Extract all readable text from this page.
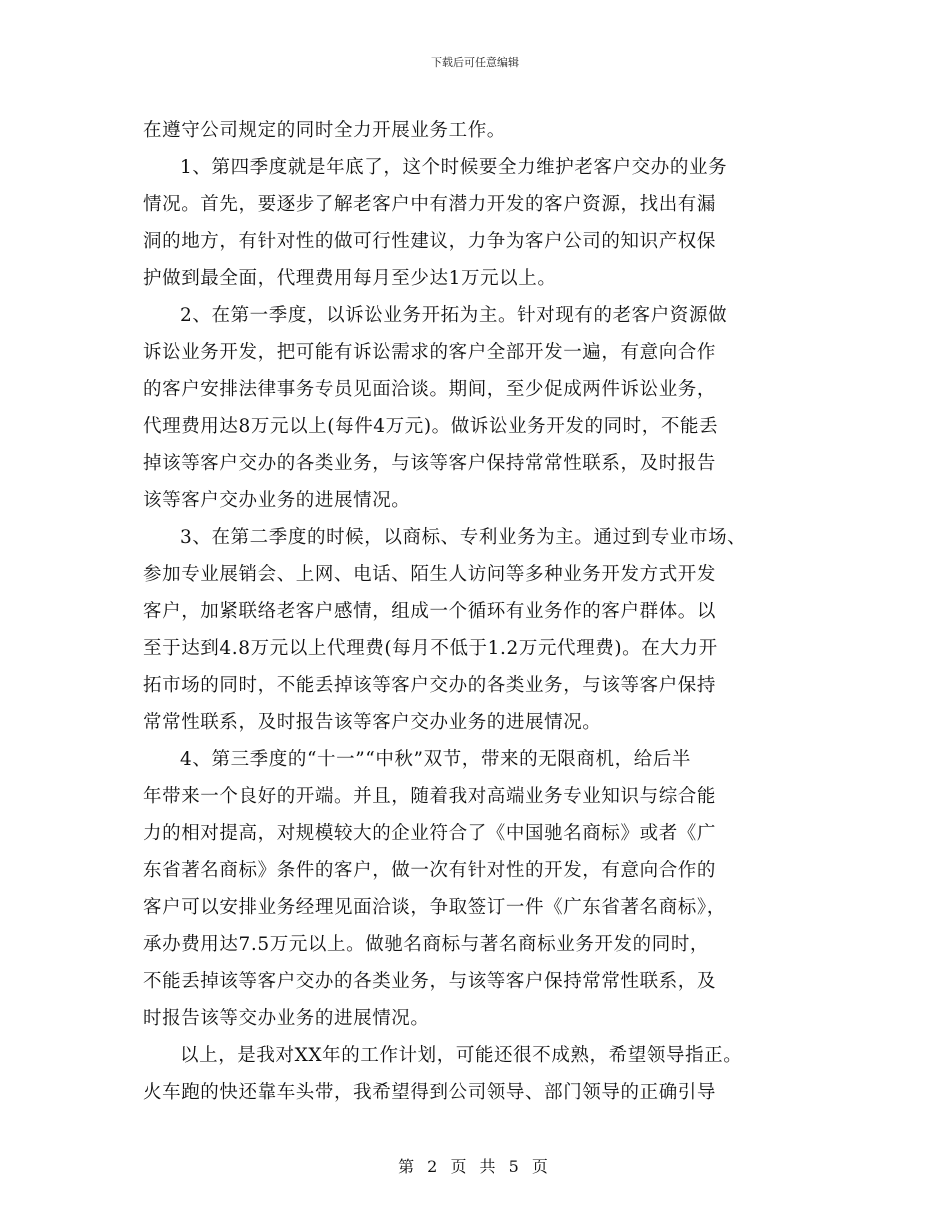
下载后可任意编辑
在遵守公司规定的同时全力开展业务工作。
1、第四季度就是年底了，这个时候要全力维护老客户交办的业务
情况。首先，要逐步了解老客户中有潜力开发的客户资源，找出有漏
洞的地方，有针对性的做可行性建议，力争为客户公司的知识产权保
护做到最全面，代理费用每月至少达1万元以上。
2、在第一季度，以诉讼业务开拓为主。针对现有的老客户资源做
诉讼业务开发，把可能有诉讼需求的客户全部开发一遍，有意向合作
的客户安排法律事务专员见面洽谈。期间，至少促成两件诉讼业务，
代理费用达8万元以上(每件4万元)。做诉讼业务开发的同时，不能丢
掉该等客户交办的各类业务，与该等客户保持常常性联系，及时报告
该等客户交办业务的进展情况。
3、在第二季度的时候，以商标、专利业务为主。通过到专业市场、
参加专业展销会、上网、电话、陌生人访问等多种业务开发方式开发
客户，加紧联络老客户感情，组成一个循环有业务作的客户群体。以
至于达到4.8万元以上代理费(每月不低于1.2万元代理费)。在大力开
拓市场的同时，不能丢掉该等客户交办的各类业务，与该等客户保持
常常性联系，及时报告该等客户交办业务的进展情况。
4、第三季度的“十一”“中秋”双节，带来的无限商机，给后半
年带来一个良好的开端。并且，随着我对高端业务专业知识与综合能
力的相对提高，对规模较大的企业符合了《中国驰名商标》或者《广
东省著名商标》条件的客户，做一次有针对性的开发，有意向合作的
客户可以安排业务经理见面洽谈，争取签订一件《广东省著名商标》，
承办费用达7.5万元以上。做驰名商标与著名商标业务开发的同时，
不能丢掉该等客户交办的各类业务，与该等客户保持常常性联系，及
时报告该等交办业务的进展情况。
以上，是我对XX年的工作计划，可能还很不成熟，希望领导指正。
火车跑的快还靠车头带，我希望得到公司领导、部门领导的正确引导
第 2 页 共 5 页
